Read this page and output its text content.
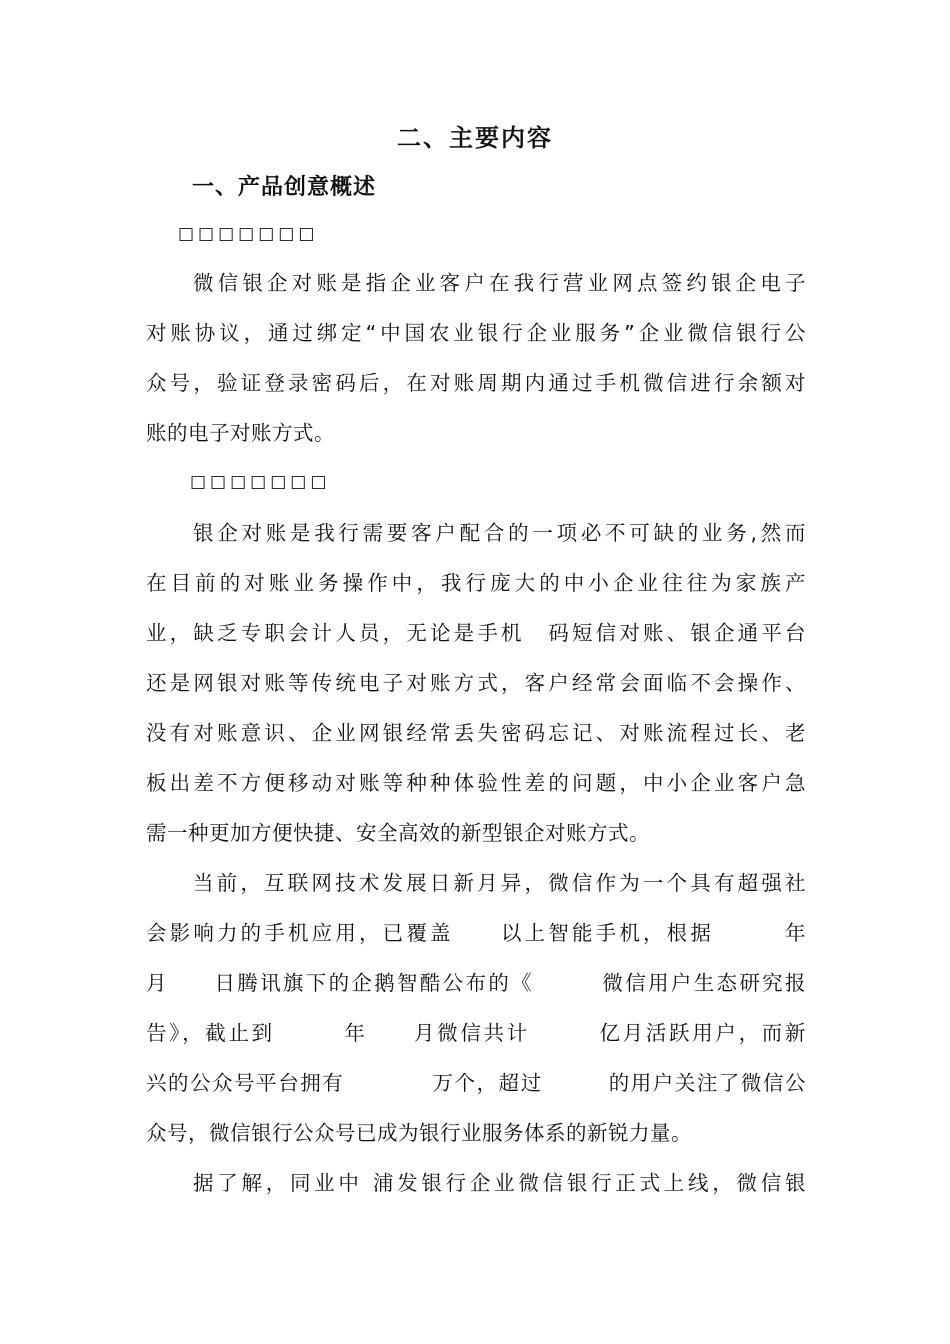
二、主要内容
一、产品创意概述
□□□□□□□
微信银企对账是指企业客户在我行营业网点签约银企电子
对账协议，通过绑定“中国农业银行企业服务”企业微信银行公
众号，验证登录密码后，在对账周期内通过手机微信进行余额对
账的电子对账方式。
□□□□□□□
银企对账是我行需要客户配合的一项必不可缺的业务,然而
在目前的对账业务操作中，我行庞大的中小企业往往为家族产
业，缺乏专职会计人员，无论是手机　码短信对账、银企通平台
还是网银对账等传统电子对账方式，客户经常会面临不会操作、
没有对账意识、企业网银经常丢失密码忘记、对账流程过长、老
板出差不方便移动对账等种种体验性差的问题，中小企业客户急
需一种更加方便快捷、安全高效的新型银企对账方式。
当前，互联网技术发展日新月异，微信作为一个具有超强社
会影响力的手机应用，已覆盖　　以上智能手机，根据　　　年
月　　日腾讯旗下的企鹅智酷公布的《　　　微信用户生态研究报
告》，截止到　　　年　　月微信共计　　　亿月活跃用户，而新
兴的公众号平台拥有　　　　万个，超过　　　的用户关注了微信公
众号，微信银行公众号已成为银行业服务体系的新锐力量。
据了解，同业中 浦发银行企业微信银行正式上线，微信银
